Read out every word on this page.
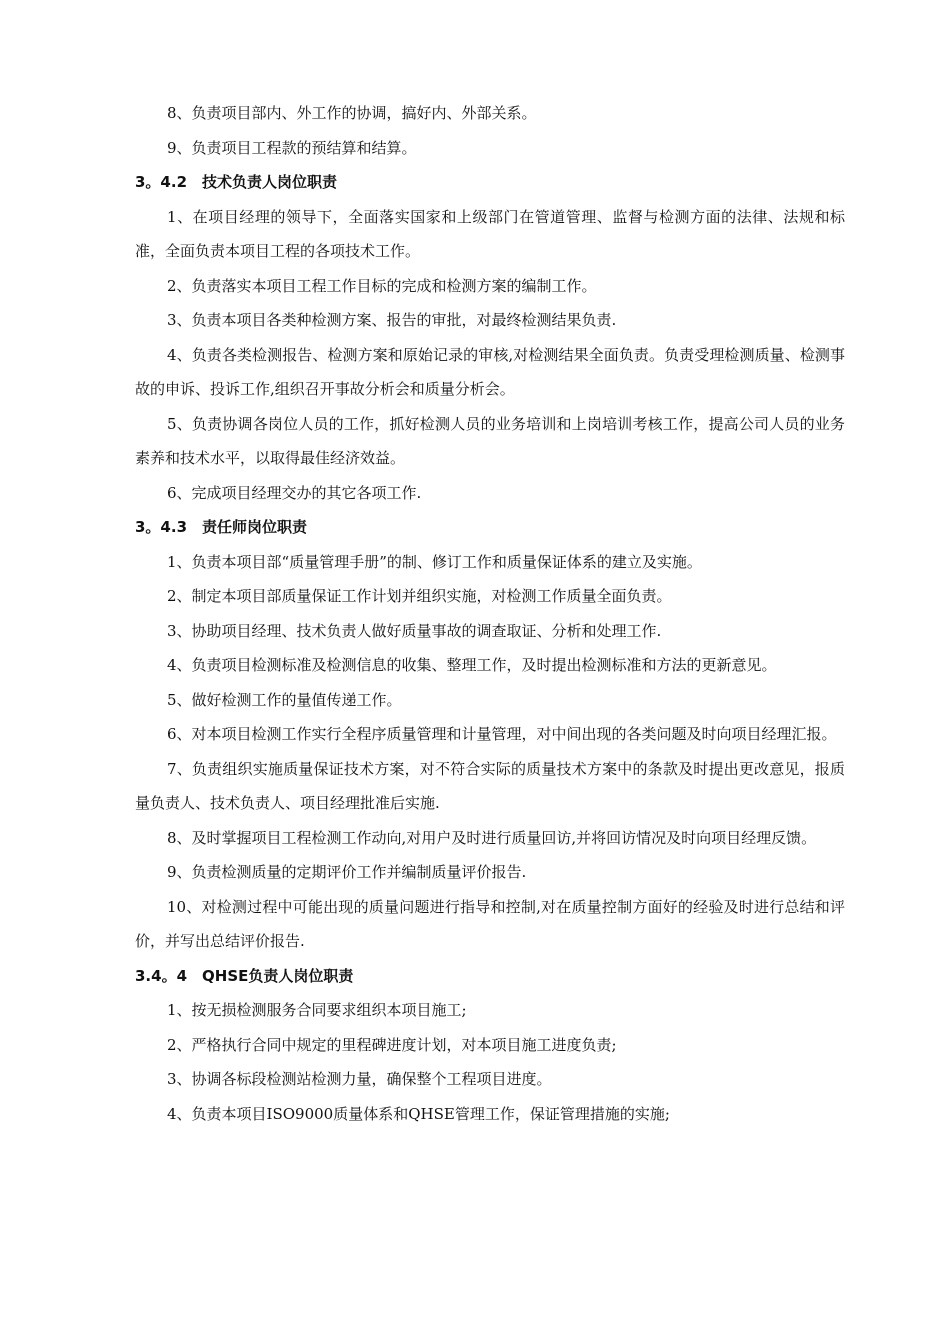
8、负责项目部内、外工作的协调，搞好内、外部关系。

9、负责项目工程款的预结算和结算。

3。4.2　技术负责人岗位职责

1、在项目经理的领导下，全面落实国家和上级部门在管道管理、监督与检测方面的法律、法规和标准，全面负责本项目工程的各项技术工作。

2、负责落实本项目工程工作目标的完成和检测方案的编制工作。

3、负责本项目各类种检测方案、报告的审批，对最终检测结果负责.

4、负责各类检测报告、检测方案和原始记录的审核,对检测结果全面负责。负责受理检测质量、检测事故的申诉、投诉工作,组织召开事故分析会和质量分析会。

5、负责协调各岗位人员的工作，抓好检测人员的业务培训和上岗培训考核工作，提高公司人员的业务素养和技术水平，以取得最佳经济效益。

6、完成项目经理交办的其它各项工作.

3。4.3　责任师岗位职责

1、负责本项目部“质量管理手册”的制、修订工作和质量保证体系的建立及实施。

2、制定本项目部质量保证工作计划并组织实施，对检测工作质量全面负责。

3、协助项目经理、技术负责人做好质量事故的调查取证、分析和处理工作.

4、负责项目检测标准及检测信息的收集、整理工作，及时提出检测标准和方法的更新意见。

5、做好检测工作的量值传递工作。

6、对本项目检测工作实行全程序质量管理和计量管理，对中间出现的各类问题及时向项目经理汇报。

7、负责组织实施质量保证技术方案，对不符合实际的质量技术方案中的条款及时提出更改意见，报质量负责人、技术负责人、项目经理批准后实施.

8、及时掌握项目工程检测工作动向,对用户及时进行质量回访,并将回访情况及时向项目经理反馈。

9、负责检测质量的定期评价工作并编制质量评价报告.

10、对检测过程中可能出现的质量问题进行指导和控制,对在质量控制方面好的经验及时进行总结和评价，并写出总结评价报告.

3.4。4　QHSE负责人岗位职责

1、按无损检测服务合同要求组织本项目施工;

2、严格执行合同中规定的里程碑进度计划，对本项目施工进度负责;

3、协调各标段检测站检测力量，确保整个工程项目进度。

4、负责本项目ISO9000质量体系和QHSE管理工作，保证管理措施的实施;
